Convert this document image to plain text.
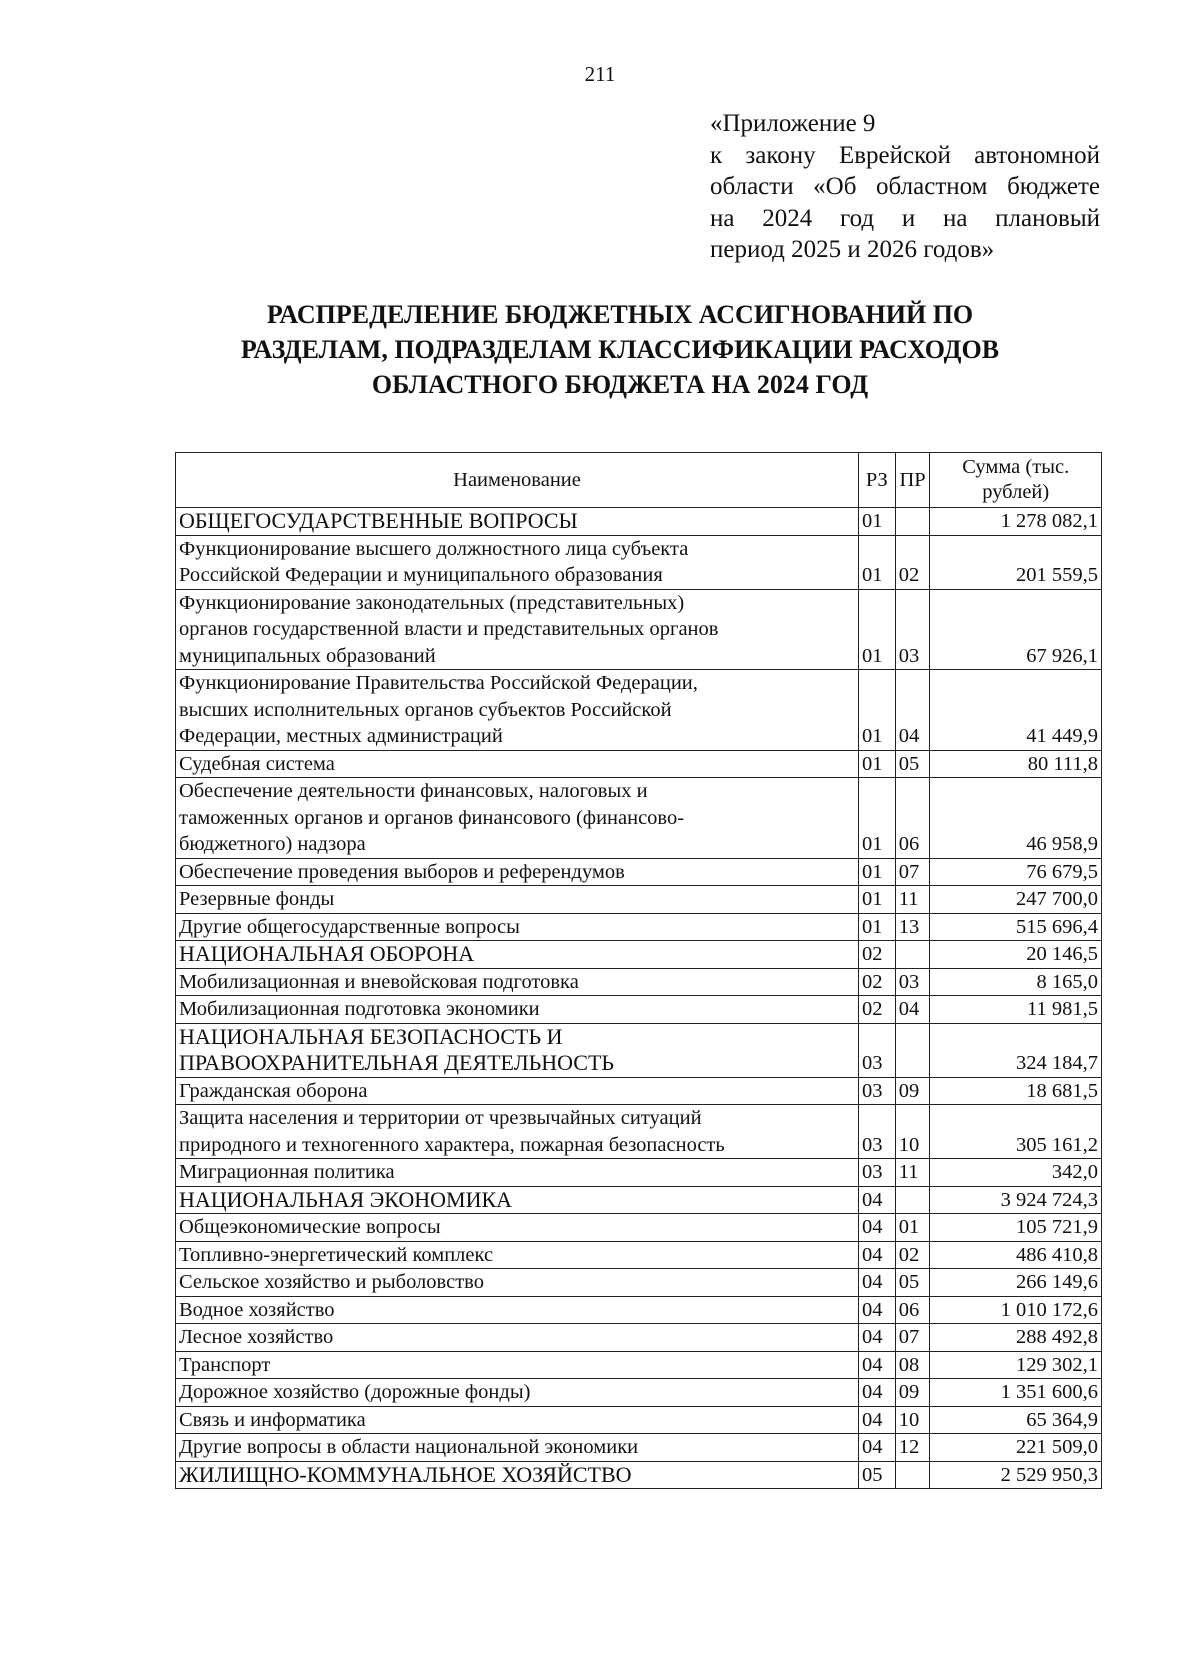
211
«Приложение 9
к закону Еврейской автономной
области «Об областном бюджете
на 2024 год и на плановый
период 2025 и 2026 годов»
РАСПРЕДЕЛЕНИЕ БЮДЖЕТНЫХ АССИГНОВАНИЙ ПО
РАЗДЕЛАМ, ПОДРАЗДЕЛАМ КЛАССИФИКАЦИИ РАСХОДОВ
ОБЛАСТНОГО БЮДЖЕТА НА 2024 ГОД
Наименование	РЗ	ПР	Сумма (тыс. рублей)

ОБЩЕГОСУДАРСТВЕННЫЕ ВОПРОСЫ	01		1 278 082,1

Функционирование высшего должностного лица субъекта
Российской Федерации и муниципального образования	01	02	201 559,5

Функционирование законодательных (представительных)
органов государственной власти и представительных органов
муниципальных образований	01	03	67 926,1

Функционирование Правительства Российской Федерации,
высших исполнительных органов субъектов Российской
Федерации, местных администраций	01	04	41 449,9

Судебная система	01	05	80 111,8

Обеспечение деятельности финансовых, налоговых и
таможенных органов и органов финансового (финансово-
бюджетного) надзора	01	06	46 958,9

Обеспечение проведения выборов и референдумов	01	07	76 679,5

Резервные фонды	01	11	247 700,0

Другие общегосударственные вопросы	01	13	515 696,4

НАЦИОНАЛЬНАЯ ОБОРОНА	02		20 146,5

Мобилизационная и вневойсковая подготовка	02	03	8 165,0

Мобилизационная подготовка экономики	02	04	11 981,5

НАЦИОНАЛЬНАЯ БЕЗОПАСНОСТЬ И
ПРАВООХРАНИТЕЛЬНАЯ ДЕЯТЕЛЬНОСТЬ	03		324 184,7

Гражданская оборона	03	09	18 681,5

Защита населения и территории от чрезвычайных ситуаций
природного и техногенного характера, пожарная безопасность	03	10	305 161,2

Миграционная политика	03	11	342,0

НАЦИОНАЛЬНАЯ ЭКОНОМИКА	04		3 924 724,3

Общеэкономические вопросы	04	01	105 721,9

Топливно-энергетический комплекс	04	02	486 410,8

Сельское хозяйство и рыболовство	04	05	266 149,6

Водное хозяйство	04	06	1 010 172,6

Лесное хозяйство	04	07	288 492,8

Транспорт	04	08	129 302,1

Дорожное хозяйство (дорожные фонды)	04	09	1 351 600,6

Связь и информатика	04	10	65 364,9

Другие вопросы в области национальной экономики	04	12	221 509,0

ЖИЛИЩНО-КОММУНАЛЬНОЕ ХОЗЯЙСТВО	05		2 529 950,3
